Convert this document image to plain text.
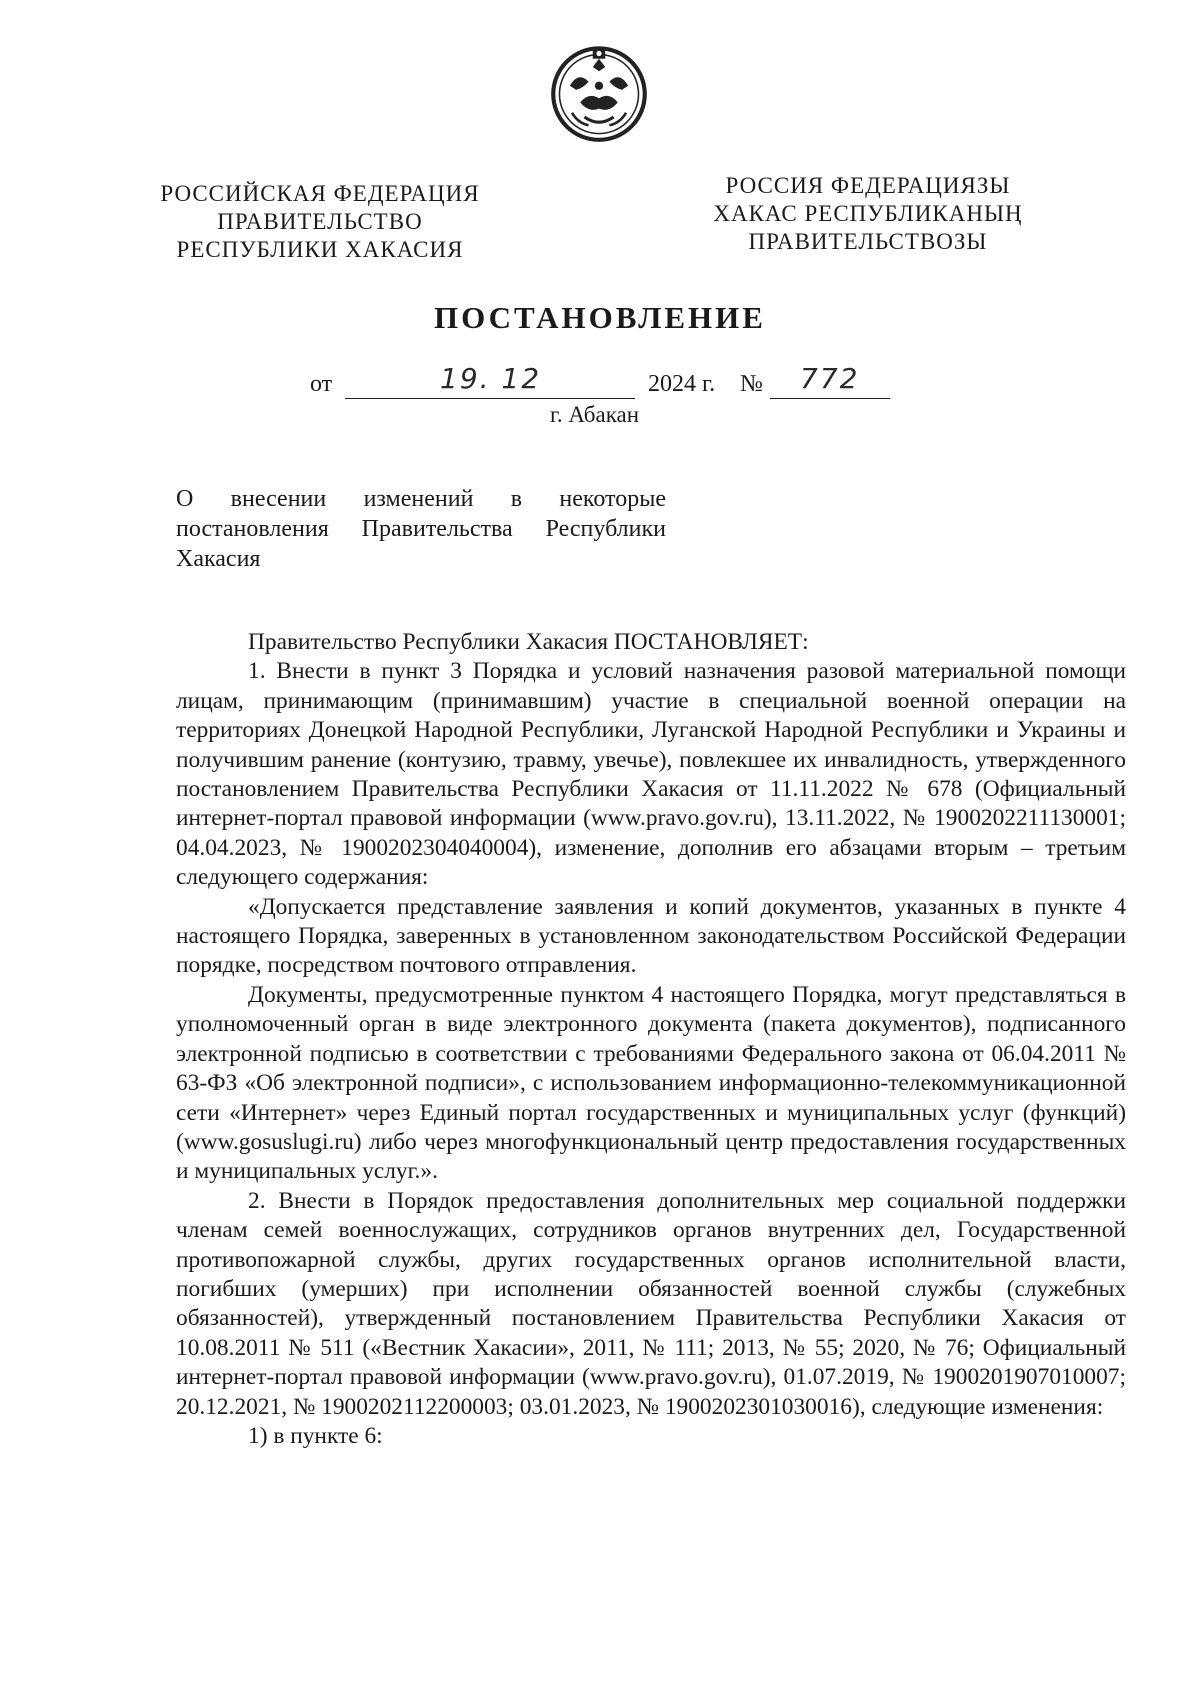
РОССИЙСКАЯ ФЕДЕРАЦИЯ
ПРАВИТЕЛЬСТВО
РЕСПУБЛИКИ ХАКАСИЯ
РОССИЯ ФЕДЕРАЦИЯЗЫ
ХАКАС РЕСПУБЛИКАНЫҢ
ПРАВИТЕЛЬСТВОЗЫ
ПОСТАНОВЛЕНИЕ
от	19. 12	2024 г. № 772
г. Абакан
О внесении изменений в некоторые постановления Правительства Республики Хакасия

Правительство Республики Хакасия ПОСТАНОВЛЯЕТ:

1. Внести в пункт 3 Порядка и условий назначения разовой материальной помощи лицам, принимающим (принимавшим) участие в специальной военной операции на территориях Донецкой Народной Республики, Луганской Народной Республики и Украины и получившим ранение (контузию, травму, увечье), повлекшее их инвалидность, утвержденного постановлением Правительства Республики Хакасия от 11.11.2022 № 678 (Официальный интернет-портал правовой информации (www.pravo.gov.ru), 13.11.2022, № 1900202211130001; 04.04.2023, № 1900202304040004), изменение, дополнив его абзацами вторым – третьим следующего содержания:

«Допускается представление заявления и копий документов, указанных в пункте 4 настоящего Порядка, заверенных в установленном законодательством Российской Федерации порядке, посредством почтового отправления.

Документы, предусмотренные пунктом 4 настоящего Порядка, могут представляться в уполномоченный орган в виде электронного документа (пакета документов), подписанного электронной подписью в соответствии с требованиями Федерального закона от 06.04.2011 № 63-ФЗ «Об электронной подписи», с использованием информационно-телекоммуникационной сети «Интернет» через Единый портал государственных и муниципальных услуг (функций) (www.gosuslugi.ru) либо через многофункциональный центр предоставления государственных и муниципальных услуг.».

2. Внести в Порядок предоставления дополнительных мер социальной поддержки членам семей военнослужащих, сотрудников органов внутренних дел, Государственной противопожарной службы, других государственных органов исполнительной власти, погибших (умерших) при исполнении обязанностей военной службы (служебных обязанностей), утвержденный постановлением Правительства Республики Хакасия от 10.08.2011 № 511 («Вестник Хакасии», 2011, № 111; 2013, № 55; 2020, № 76; Официальный интернет-портал правовой информации (www.pravo.gov.ru), 01.07.2019, № 1900201907010007; 20.12.2021, № 1900202112200003; 03.01.2023, № 1900202301030016), следующие изменения:

1) в пункте 6:
